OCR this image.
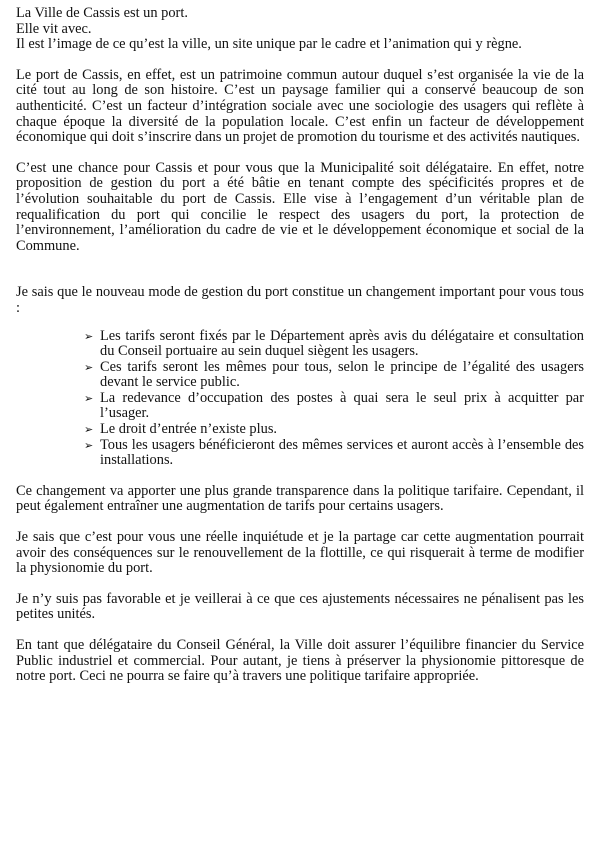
La Ville de Cassis est un port.

Elle vit avec.

Il est l’image de ce qu’est la ville, un site unique par le cadre et l’animation qui y règne.

Le port de Cassis, en effet, est un patrimoine commun autour duquel s’est organisée la vie de la cité tout au long de son histoire. C’est un paysage familier qui a conservé beaucoup de son authenticité. C’est un facteur d’intégration sociale avec une sociologie des usagers qui reflète à chaque époque la diversité de la population locale. C’est enfin un facteur de développement économique qui doit s’inscrire dans un projet de promotion du tourisme et des activités nautiques.

C’est une chance pour Cassis et pour vous que la Municipalité soit délégataire. En effet, notre proposition de gestion du port a été bâtie en tenant compte des spécificités propres et de l’évolution souhaitable du port de Cassis. Elle vise à l’engagement d’un véritable plan de requalification du port qui concilie le respect des usagers du port, la protection de l’environnement, l’amélioration du cadre de vie et le développement économique et social de la Commune.

Je sais que le nouveau mode de gestion du port constitue un changement important pour vous tous :

➢ Les tarifs seront fixés par le Département après avis du délégataire et consultation du Conseil portuaire au sein duquel siègent les usagers.
➢ Ces tarifs seront les mêmes pour tous, selon le principe de l’égalité des usagers devant le service public.
➢ La redevance d’occupation des postes à quai sera le seul prix à acquitter par l’usager.
➢ Le droit d’entrée n’existe plus.
➢ Tous les usagers bénéficieront des mêmes services et auront accès à l’ensemble des installations.

Ce changement va apporter une plus grande transparence dans la politique tarifaire. Cependant, il peut également entraîner une augmentation de tarifs pour certains usagers.

Je sais que c’est pour vous une réelle inquiétude et je la partage car cette augmentation pourrait avoir des conséquences sur le renouvellement de la flottille, ce qui risquerait à terme de modifier la physionomie du port.

Je n’y suis pas favorable et je veillerai à ce que ces ajustements nécessaires ne pénalisent pas les petites unités.

En tant que délégataire du Conseil Général, la Ville doit assurer l’équilibre financier du Service Public industriel et commercial. Pour autant, je tiens à préserver la physionomie pittoresque de notre port. Ceci ne pourra se faire qu’à travers une politique tarifaire appropriée.
